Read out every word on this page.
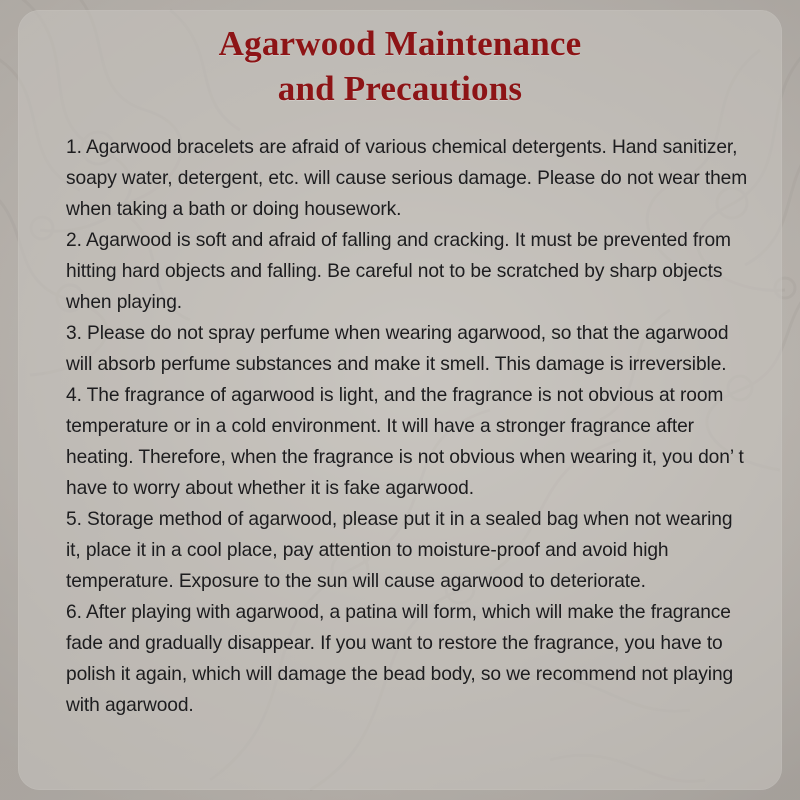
Agarwood Maintenance
and Precautions

1. Agarwood bracelets are afraid of various chemical detergents. Hand sanitizer, soapy water, detergent, etc. will cause serious damage. Please do not wear them when taking a bath or doing housework.

2. Agarwood is soft and afraid of falling and cracking. It must be prevented from hitting hard objects and falling. Be careful not to be scratched by sharp objects when playing.

3. Please do not spray perfume when wearing agarwood, so that the agarwood will absorb perfume substances and make it smell. This damage is irreversible.

4. The fragrance of agarwood is light, and the fragrance is not obvious at room temperature or in a cold environment. It will have a stronger fragrance after heating. Therefore, when the fragrance is not obvious when wearing it, you don’ t have to worry about whether it is fake agarwood.

5. Storage method of agarwood, please put it in a sealed bag when not wearing it, place it in a cool place, pay attention to moisture-proof and avoid high temperature. Exposure to the sun will cause agarwood to deteriorate.

6. After playing with agarwood, a patina will form, which will make the fragrance fade and gradually disappear. If you want to restore the fragrance, you have to polish it again, which will damage the bead body, so we recommend not playing with agarwood.
